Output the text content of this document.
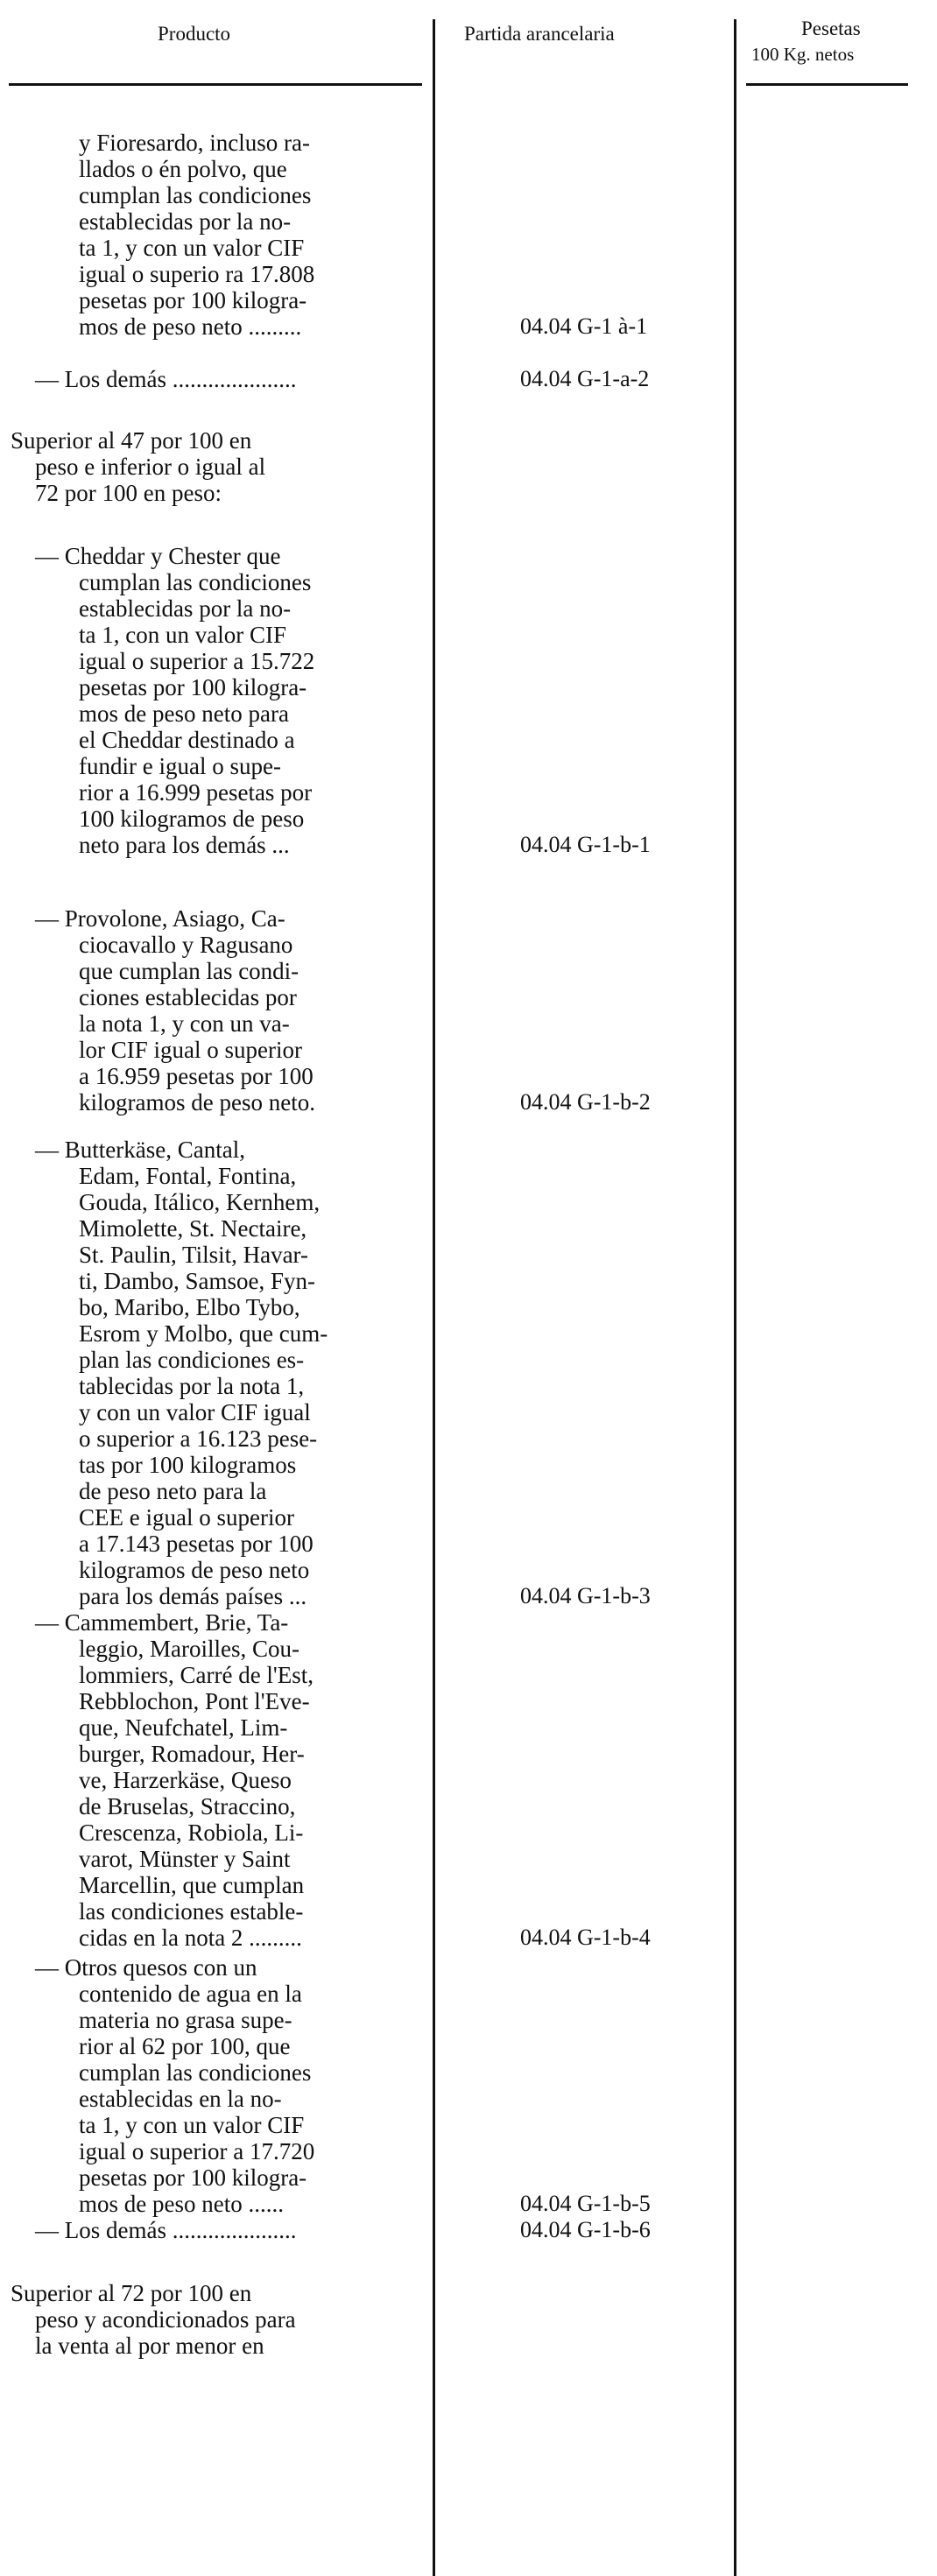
Producto	Partida arancelaria	Pesetas
100 Kg. netos
y Fioresardo, incluso ra-
llados o én polvo, que
cumplan las condiciones
establecidas por la no-
ta 1, y con un valor CIF
igual o superio ra 17.808
pesetas por 100 kilogra-
mos de peso neto .........	04.04 G-1 à-1
— Los demás .....................	04.04 G-1-a-2
Superior al 47 por 100 en
peso e inferior o igual al
72 por 100 en peso:
— Cheddar y Chester que
cumplan las condiciones
establecidas por la no-
ta 1, con un valor CIF
igual o superior a 15.722
pesetas por 100 kilogra-
mos de peso neto para
el Cheddar destinado a
fundir e igual o supe-
rior a 16.999 pesetas por
100 kilogramos de peso
neto para los demás ...	04.04 G-1-b-1
— Provolone, Asiago, Ca-
ciocavallo y Ragusano
que cumplan las condi-
ciones establecidas por
la nota 1, y con un va-
lor CIF igual o superior
a 16.959 pesetas por 100
kilogramos de peso neto.	04.04 G-1-b-2
— Butterkäse, Cantal,
Edam, Fontal, Fontina,
Gouda, Itálico, Kernhem,
Mimolette, St. Nectaire,
St. Paulin, Tilsit, Havar-
ti, Dambo, Samsoe, Fyn-
bo, Maribo, Elbo Tybo,
Esrom y Molbo, que cum-
plan las condiciones es-
tablecidas por la nota 1,
y con un valor CIF igual
o superior a 16.123 pese-
tas por 100 kilogramos
de peso neto para la
CEE e igual o superior
a 17.143 pesetas por 100
kilogramos de peso neto
para los demás países ...	04.04 G-1-b-3
— Cammembert, Brie, Ta-
leggio, Maroilles, Cou-
lommiers, Carré de l'Est,
Rebblochon, Pont l'Eve-
que, Neufchatel, Lim-
burger, Romadour, Her-
ve, Harzerkäse, Queso
de Bruselas, Straccino,
Crescenza, Robiola, Li-
varot, Münster y Saint
Marcellin, que cumplan
las condiciones estable-
cidas en la nota 2 .........	04.04 G-1-b-4
— Otros quesos con un
contenido de agua en la
materia no grasa supe-
rior al 62 por 100, que
cumplan las condiciones
establecidas en la no-
ta 1, y con un valor CIF
igual o superior a 17.720
pesetas por 100 kilogra-
mos de peso neto ......	04.04 G-1-b-5
— Los demás .....................	04.04 G-1-b-6
Superior al 72 por 100 en
peso y acondicionados para
la venta al por menor en
